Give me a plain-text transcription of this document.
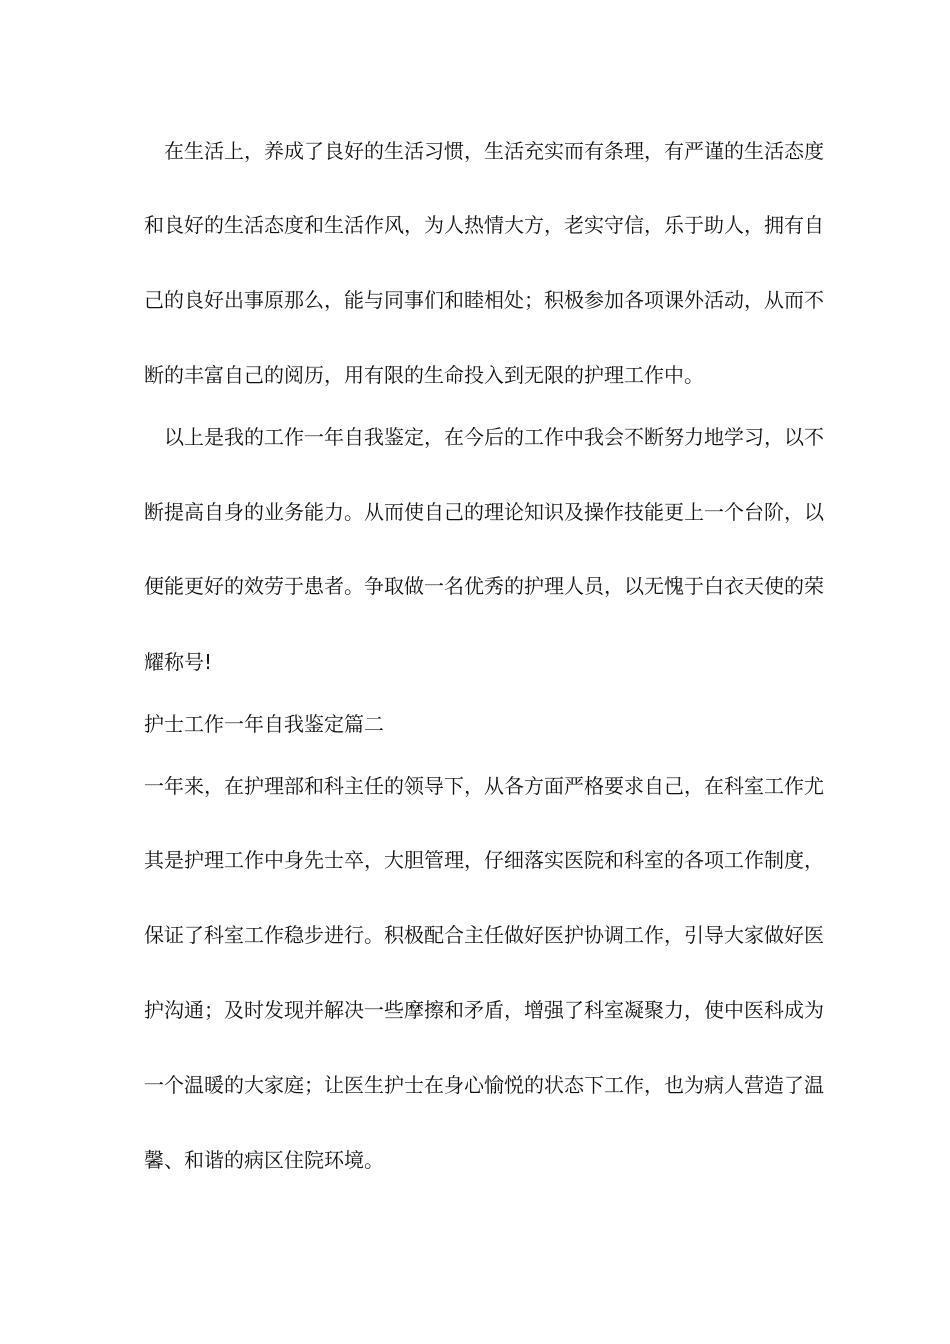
　在生活上，养成了良好的生活习惯，生活充实而有条理，有严谨的生活态度
和良好的生活态度和生活作风，为人热情大方，老实守信，乐于助人，拥有自
己的良好出事原那么，能与同事们和睦相处；积极参加各项课外活动，从而不
断的丰富自己的阅历，用有限的生命投入到无限的护理工作中。
　以上是我的工作一年自我鉴定，在今后的工作中我会不断努力地学习，以不
断提高自身的业务能力。从而使自己的理论知识及操作技能更上一个台阶，以
便能更好的效劳于患者。争取做一名优秀的护理人员，以无愧于白衣天使的荣
耀称号!
护士工作一年自我鉴定篇二
一年来，在护理部和科主任的领导下，从各方面严格要求自己，在科室工作尤
其是护理工作中身先士卒，大胆管理，仔细落实医院和科室的各项工作制度，
保证了科室工作稳步进行。积极配合主任做好医护协调工作，引导大家做好医
护沟通；及时发现并解决一些摩擦和矛盾，增强了科室凝聚力，使中医科成为
一个温暖的大家庭；让医生护士在身心愉悦的状态下工作，也为病人营造了温
馨、和谐的病区住院环境。
